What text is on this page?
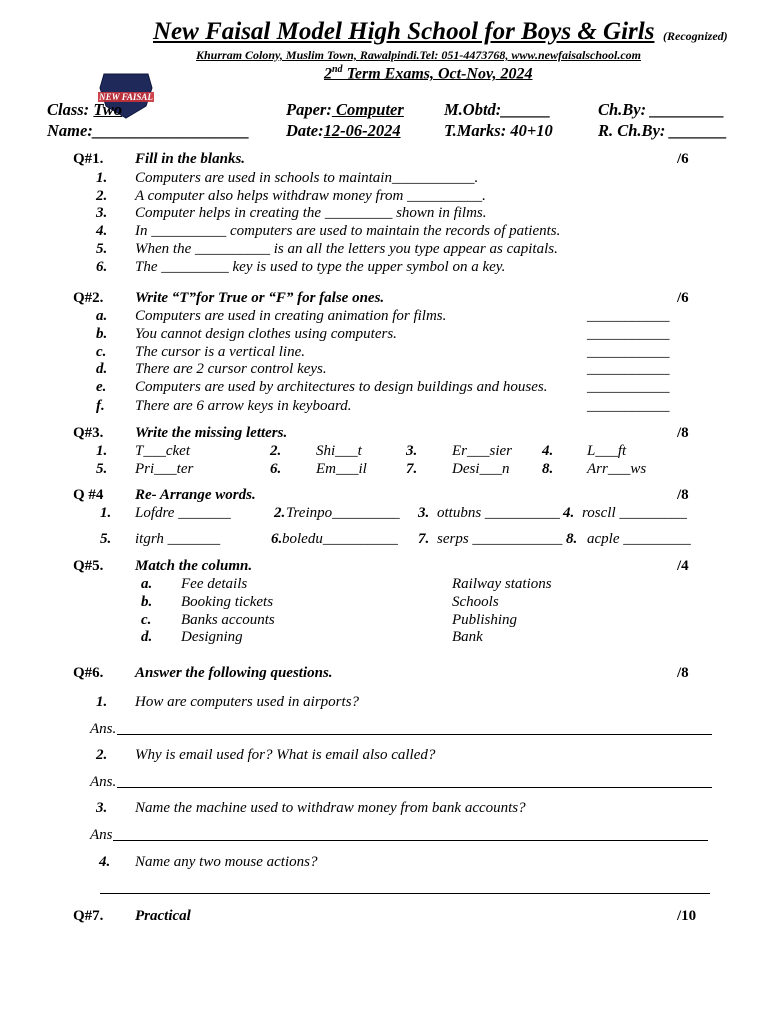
New Faisal Model High School for Boys & Girls (Recognized)
Khurram Colony, Muslim Town, Rawalpindi.Tel: 051-4473768, www.newfaisalschool.com
2nd Term Exams, Oct-Nov, 2024
NEW FAISAL
Class: Two
Name:___________________
Paper: Computer
Date:12-06-2024
M.Obtd:______
T.Marks: 40+10
Ch.By: _________
R. Ch.By: _______
Q#1. Fill in the blanks.	/6
1. Computers are used in schools to maintain___________.
2. A computer also helps withdraw money from __________.
3. Computer helps in creating the _________ shown in films.
4. In __________ computers are used to maintain the records of patients.
5. When the __________ is an all the letters you type appear as capitals.
6. The _________ key is used to type the upper symbol on a key.
Q#2. Write “T”for True or “F” for false ones.	/6
a. Computers are used in creating animation for films.	___________
b. You cannot design clothes using computers.	___________
c. The cursor is a vertical line.	___________
d. There are 2 cursor control keys.	___________
e. Computers are used by architectures to design buildings and houses.	___________
f. There are 6 arrow keys in keyboard.	___________
Q#3. Write the missing letters.	/8
1. T___cket	2. Shi___t	3. Er___sier 4. L___ft
5. Pri___ter	6. Em___il	7. Desi___n 8. Arr___ws
Q #4 Re- Arrange words.	/8
1. Lofdre _______	2. Treinpo_________ 3. ottubns __________ 4. roscll _________
5. itgrh _______	6. boledu__________ 7. serps ____________ 8. acple _________
Q#5. Match the column.	/4
a. Fee details	Railway stations
b. Booking tickets	Schools
c. Banks accounts	Publishing
d. Designing	Bank
Q#6. Answer the following questions.	/8
1. How are computers used in airports?
Ans.
2. Why is email used for? What is email also called?
Ans.
3. Name the machine used to withdraw money from bank accounts?
Ans
4. Name any two mouse actions?
Q#7. Practical	/10
